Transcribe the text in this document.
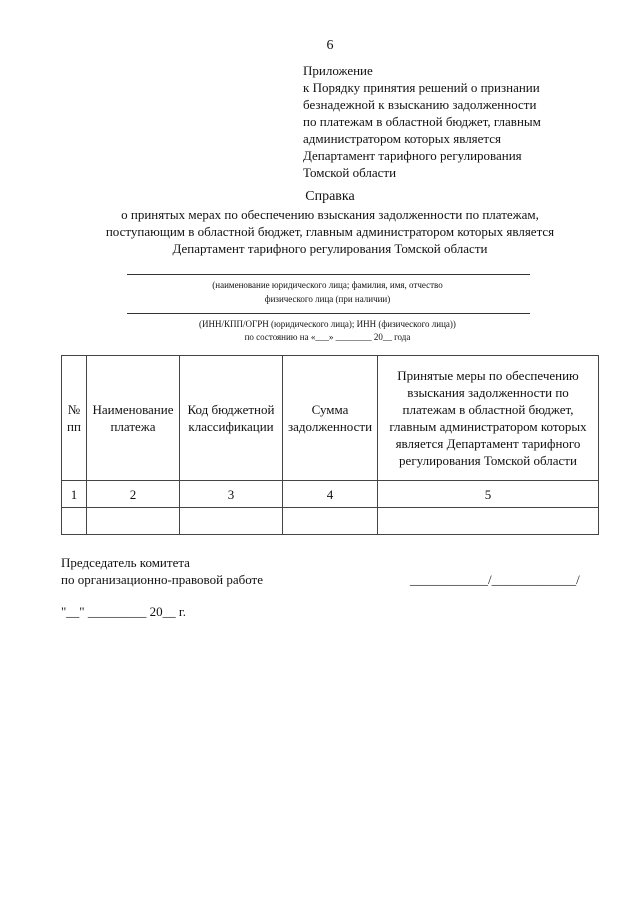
6
Приложение
к Порядку принятия решений о признании
безнадежной к взысканию задолженности
по платежам в областной бюджет, главным
администратором которых является
Департамент тарифного регулирования
Томской области
Справка
о принятых мерах по обеспечению взыскания задолженности по платежам,
поступающим в областной бюджет, главным администратором которых является
Департамент тарифного регулирования Томской области
(наименование юридического лица; фамилия, имя, отчество
физического лица (при наличии)
(ИНН/КПП/ОГРН (юридического лица); ИНН (физического лица))
по состоянию на «___» ________ 20__ года
№ пп	Наименование платежа	Код бюджетной классификации	Сумма задолженности	Принятые меры по обеспечению взыскания задолженности по платежам в областной бюджет, главным администратором которых является Департамент тарифного регулирования Томской области
1	2	3	4	5

Председатель комитета
по организационно-правовой работе	____________/_____________/
"__" _________ 20__ г.
